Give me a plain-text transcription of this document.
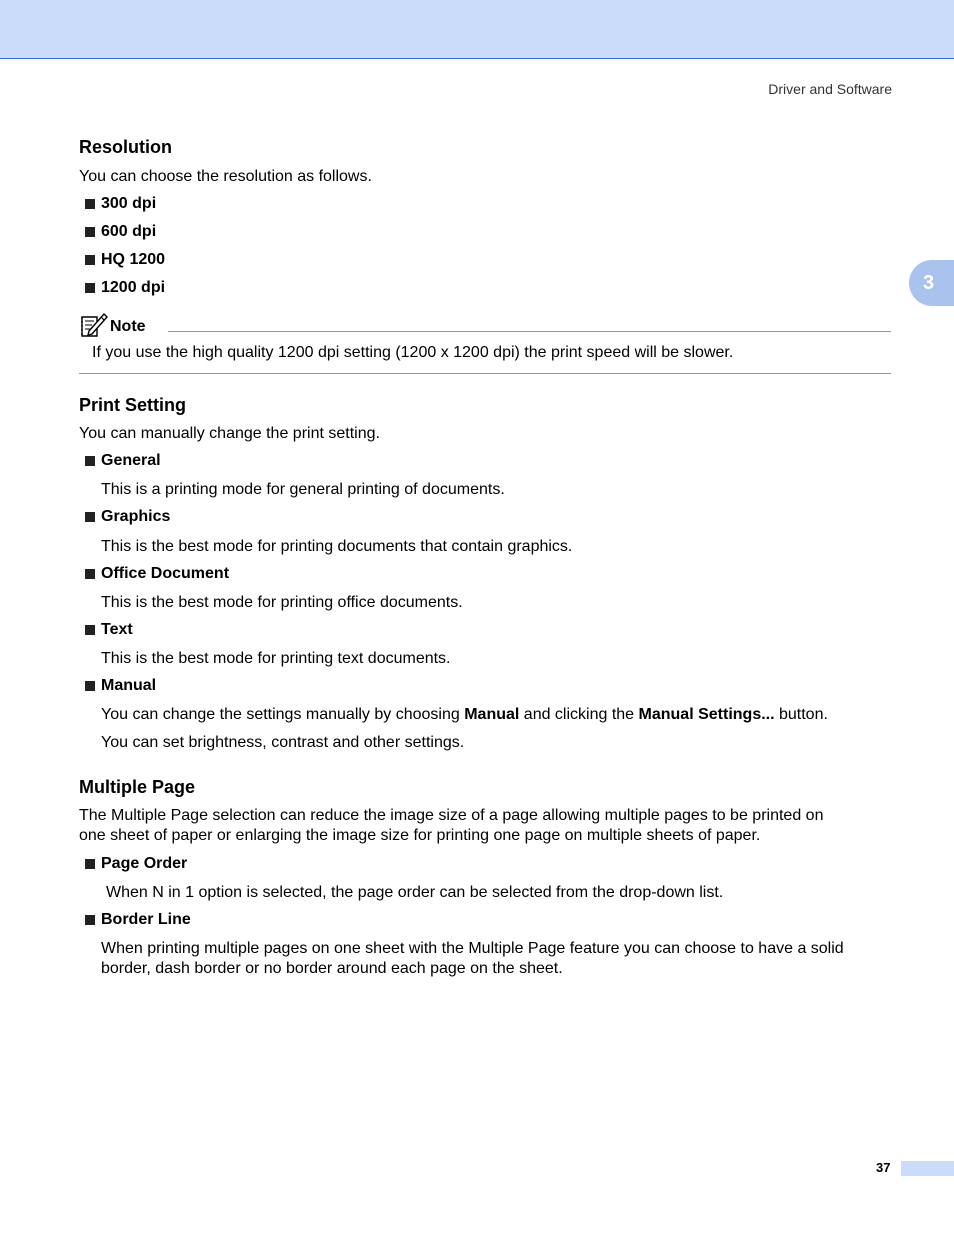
Driver and Software
3
Resolution
You can choose the resolution as follows.
300 dpi
600 dpi
HQ 1200
1200 dpi
Note
If you use the high quality 1200 dpi setting (1200 x 1200 dpi) the print speed will be slower.
Print Setting
You can manually change the print setting.
General
This is a printing mode for general printing of documents.
Graphics
This is the best mode for printing documents that contain graphics.
Office Document
This is the best mode for printing office documents.
Text
This is the best mode for printing text documents.
Manual
You can change the settings manually by choosing Manual and clicking the Manual Settings... button.
You can set brightness, contrast and other settings.
Multiple Page
The Multiple Page selection can reduce the image size of a page allowing multiple pages to be printed on
one sheet of paper or enlarging the image size for printing one page on multiple sheets of paper.
Page Order
When N in 1 option is selected, the page order can be selected from the drop-down list.
Border Line
When printing multiple pages on one sheet with the Multiple Page feature you can choose to have a solid
border, dash border or no border around each page on the sheet.
37
